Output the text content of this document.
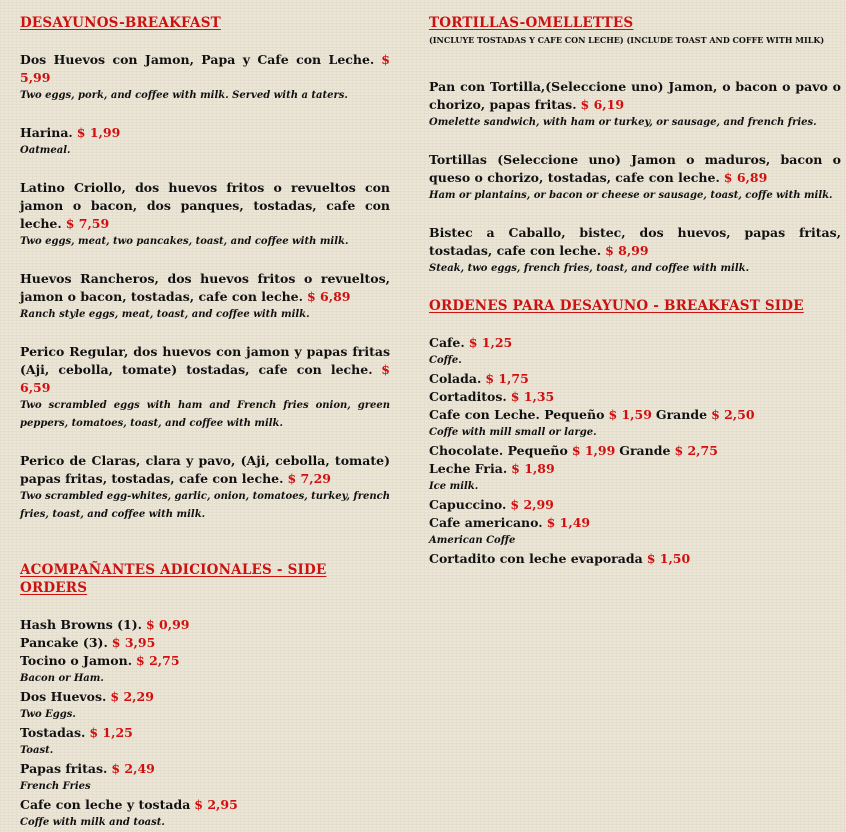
DESAYUNOS-BREAKFAST

Dos Huevos con Jamon, Papa y Cafe con Leche. $ 5,99

Two eggs, pork, and coffee with milk. Served with a taters.

Harina. $ 1,99

Oatmeal.

Latino Criollo, dos huevos fritos o revueltos con jamon o bacon, dos panques, tostadas, cafe con leche. $ 7,59

Two eggs, meat, two pancakes, toast, and coffee with milk.

Huevos Rancheros, dos huevos fritos o revueltos, jamon o bacon, tostadas, cafe con leche. $ 6,89

Ranch style eggs, meat, toast, and coffee with milk.

Perico Regular, dos huevos con jamon y papas fritas (Aji, cebolla, tomate) tostadas, cafe con leche. $ 6,59

Two scrambled eggs with ham and French fries onion, green peppers, tomatoes, toast, and coffee with milk.

Perico de Claras, clara y pavo, (Aji, cebolla, tomate) papas fritas, tostadas, cafe con leche. $ 7,29

Two scrambled egg-whites, garlic, onion, tomatoes, turkey, french fries, toast, and coffee with milk.

ACOMPAÑANTES ADICIONALES - SIDE ORDERS

Hash Browns (1). $ 0,99

Pancake (3). $ 3,95

Tocino o Jamon. $ 2,75

Bacon or Ham.

Dos Huevos. $ 2,29

Two Eggs.

Tostadas. $ 1,25

Toast.

Papas fritas. $ 2,49

French Fries

Cafe con leche y tostada $ 2,95

Coffe with milk and toast.

TORTILLAS-OMELLETTES

(INCLUYE TOSTADAS Y CAFE CON LECHE) (INCLUDE TOAST AND COFFE WITH MILK)

Pan con Tortilla,(Seleccione uno) Jamon, o bacon o pavo o chorizo, papas fritas. $ 6,19

Omelette sandwich, with ham or turkey, or sausage, and french fries.

Tortillas (Seleccione uno) Jamon o maduros, bacon o queso o chorizo, tostadas, cafe con leche. $ 6,89

Ham or plantains, or bacon or cheese or sausage, toast, coffe with milk.

Bistec a Caballo, bistec, dos huevos, papas fritas, tostadas, cafe con leche. $ 8,99

Steak, two eggs, french fries, toast, and coffee with milk.

ORDENES PARA DESAYUNO - BREAKFAST SIDE

Cafe. $ 1,25

Coffe.

Colada. $ 1,75

Cortaditos. $ 1,35

Cafe con Leche. Pequeño $ 1,59 Grande $ 2,50

Coffe with mill small or large.

Chocolate. Pequeño $ 1,99 Grande $ 2,75

Leche Fria. $ 1,89

Ice milk.

Capuccino. $ 2,99

Cafe americano. $ 1,49

American Coffe

Cortadito con leche evaporada $ 1,50
